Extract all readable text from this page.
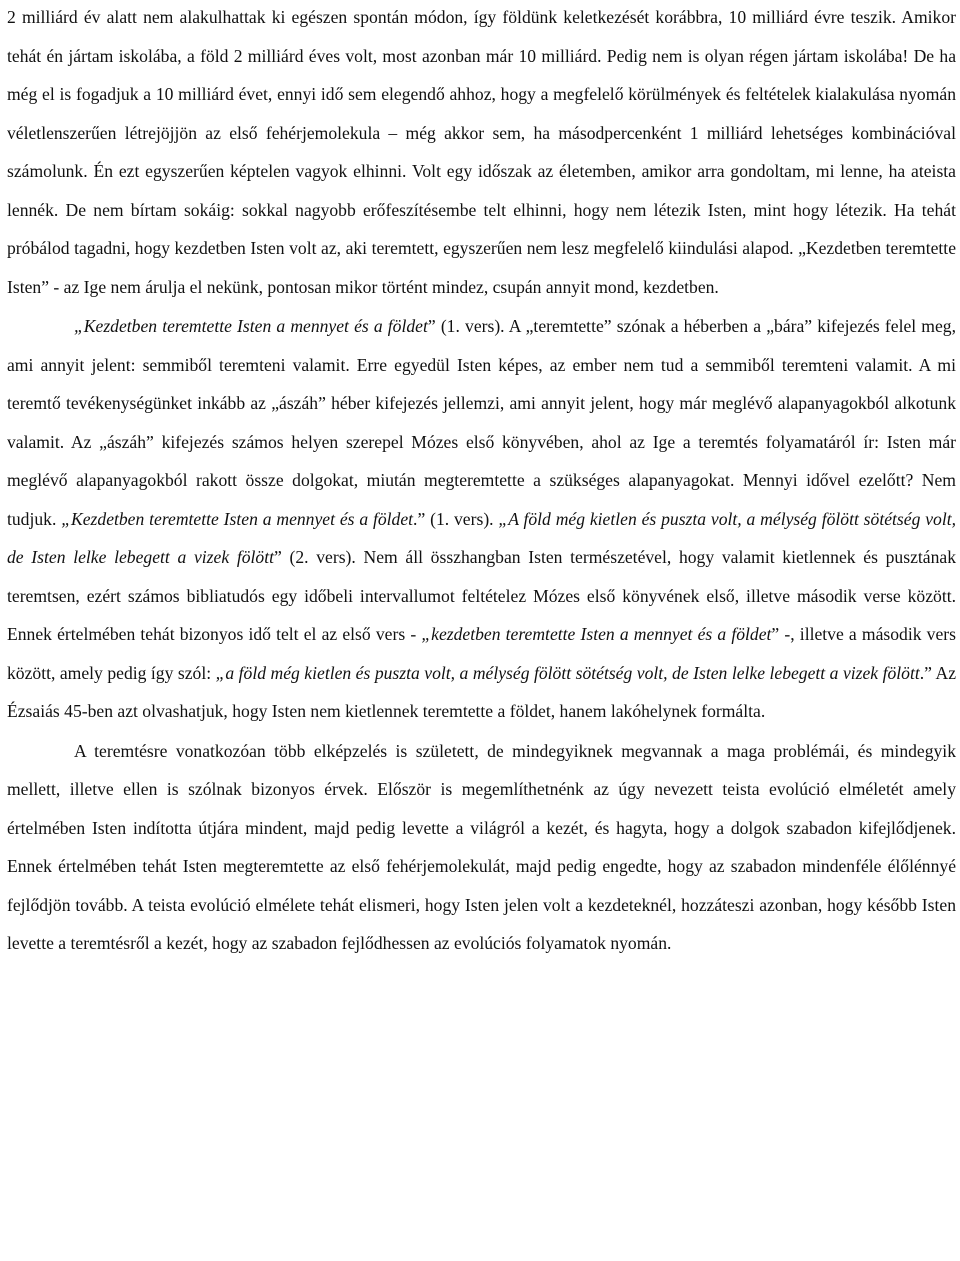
2 milliárd év alatt nem alakulhattak ki egészen spontán módon, így földünk keletkezését korábbra, 10 milliárd évre teszik. Amikor tehát én jártam iskolába, a föld 2 milliárd éves volt, most azonban már 10 milliárd. Pedig nem is olyan régen jártam iskolába! De ha még el is fogadjuk a 10 milliárd évet, ennyi idő sem elegendő ahhoz, hogy a megfelelő körülmények és feltételek kialakulása nyomán véletlenszerűen létrejöjjön az első fehérjemolekula – még akkor sem, ha másodpercenként 1 milliárd lehetséges kombinációval számolunk. Én ezt egyszerűen képtelen vagyok elhinni. Volt egy időszak az életemben, amikor arra gondoltam, mi lenne, ha ateista lennék. De nem bírtam sokáig: sokkal nagyobb erőfeszítésembe telt elhinni, hogy nem létezik Isten, mint hogy létezik. Ha tehát próbálod tagadni, hogy kezdetben Isten volt az, aki teremtett, egyszerűen nem lesz megfelelő kiindulási alapod. „Kezdetben teremtette Isten” - az Ige nem árulja el nekünk, pontosan mikor történt mindez, csupán annyit mond, kezdetben.

„Kezdetben teremtette Isten a mennyet és a földet” (1. vers). A „teremtette” szónak a héberben a „bára” kifejezés felel meg, ami annyit jelent: semmiből teremteni valamit. Erre egyedül Isten képes, az ember nem tud a semmiből teremteni valamit. A mi teremtő tevékenységünket inkább az „ászáh” héber kifejezés jellemzi, ami annyit jelent, hogy már meglévő alapanyagokból alkotunk valamit. Az „ászáh” kifejezés számos helyen szerepel Mózes első könyvében, ahol az Ige a teremtés folyamatáról ír: Isten már meglévő alapanyagokból rakott össze dolgokat, miután megteremtette a szükséges alapanyagokat. Mennyi idővel ezelőtt? Nem tudjuk. „Kezdetben teremtette Isten a mennyet és a földet.” (1. vers). „A föld még kietlen és puszta volt, a mélység fölött sötétség volt, de Isten lelke lebegett a vizek fölött” (2. vers). Nem áll összhangban Isten természetével, hogy valamit kietlennek és pusztának teremtsen, ezért számos bibliatudós egy időbeli intervallumot feltételez Mózes első könyvének első, illetve második verse között. Ennek értelmében tehát bizonyos idő telt el az első vers - „kezdetben teremtette Isten a mennyet és a földet” -, illetve a második vers között, amely pedig így szól: „a föld még kietlen és puszta volt, a mélység fölött sötétség volt, de Isten lelke lebegett a vizek fölött.” Az Ézsaiás 45-ben azt olvashatjuk, hogy Isten nem kietlennek teremtette a földet, hanem lakóhelynek formálta.

A teremtésre vonatkozóan több elképzelés is született, de mindegyiknek megvannak a maga problémái, és mindegyik mellett, illetve ellen is szólnak bizonyos érvek. Először is megemlíthetnénk az úgy nevezett teista evolúció elméletét amely értelmében Isten indította útjára mindent, majd pedig levette a világról a kezét, és hagyta, hogy a dolgok szabadon kifejlődjenek. Ennek értelmében tehát Isten megteremtette az első fehérjemolekulát, majd pedig engedte, hogy az szabadon mindenféle élőlénnyé fejlődjön tovább. A teista evolúció elmélete tehát elismeri, hogy Isten jelen volt a kezdeteknél, hozzáteszi azonban, hogy később Isten levette a teremtésről a kezét, hogy az szabadon fejlődhessen az evolúciós folyamatok nyomán.
